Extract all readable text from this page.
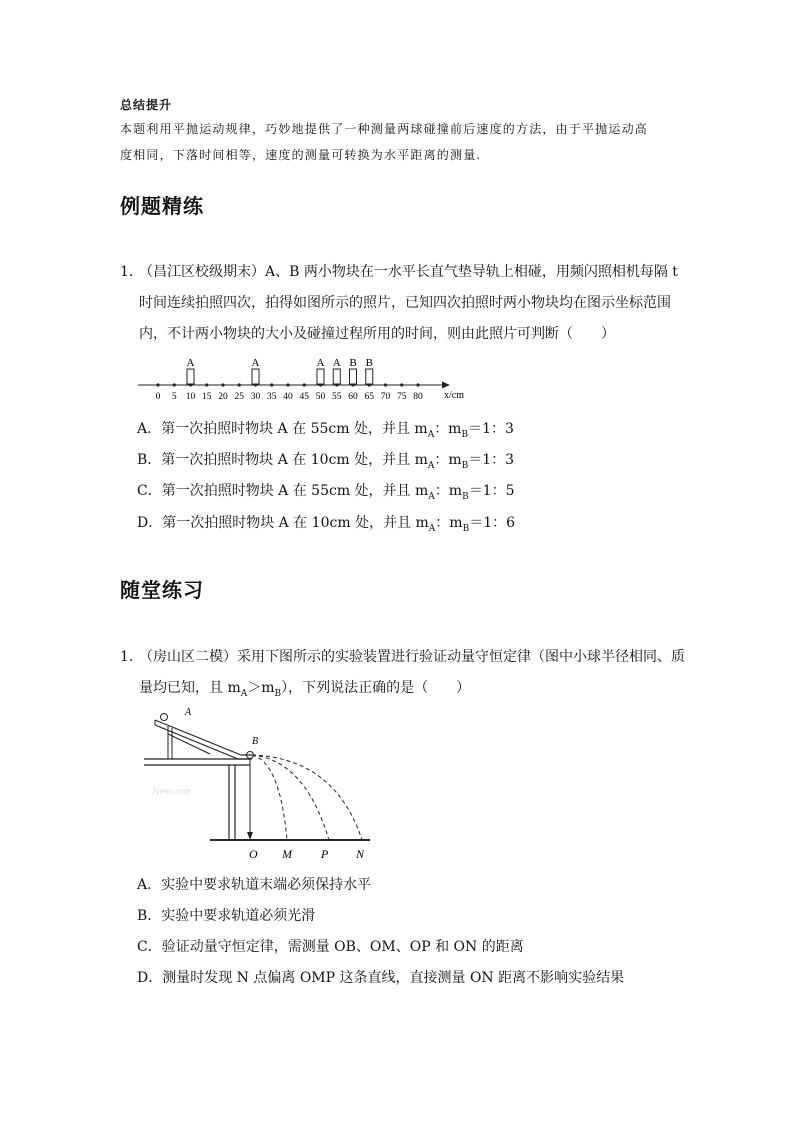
总结提升
本题利用平抛运动规律，巧妙地提供了一种测量两球碰撞前后速度的方法，由于平抛运动高
度相同，下落时间相等，速度的测量可转换为水平距离的测量.
例题精练
1．
（昌江区校级期末）A、B 两小物块在一水平长直气垫导轨上相碰，用频闪照相机每隔 t
时间连续拍照四次，拍得如图所示的照片，已知四次拍照时两小物块均在图示坐标范围
内，不计两小物块的大小及碰撞过程所用的时间，则由此照片可判断（　　）
0 5 10 15 20 25 30 35 40 45 50 55 60 65 70 75 80
A	A	A A B B
x/cm
A．第一次拍照时物块 A 在 55cm 处，并且 $m_A$：$m_B=1$：3
B．第一次拍照时物块 A 在 10cm 处，并且 $m_A$：$m_B=1$：3
C．第一次拍照时物块 A 在 55cm 处，并且 $m_A$：$m_B=1$：5
D．第一次拍照时物块 A 在 10cm 处，并且 $m_A$：$m_B=1$：6
随堂练习
1．
（房山区二模）采用下图所示的实验装置进行验证动量守恒定律（图中小球半径相同、质
量均已知，且 $m_A>m_B$），下列说法正确的是（　　）
A
B
Jyeoo.com
O M P N
A．实验中要求轨道末端必须保持水平
B．实验中要求轨道必须光滑
C．验证动量守恒定律，需测量 OB、OM、OP 和 ON 的距离
D．测量时发现 N 点偏离 OMP 这条直线，直接测量 ON 距离不影响实验结果
